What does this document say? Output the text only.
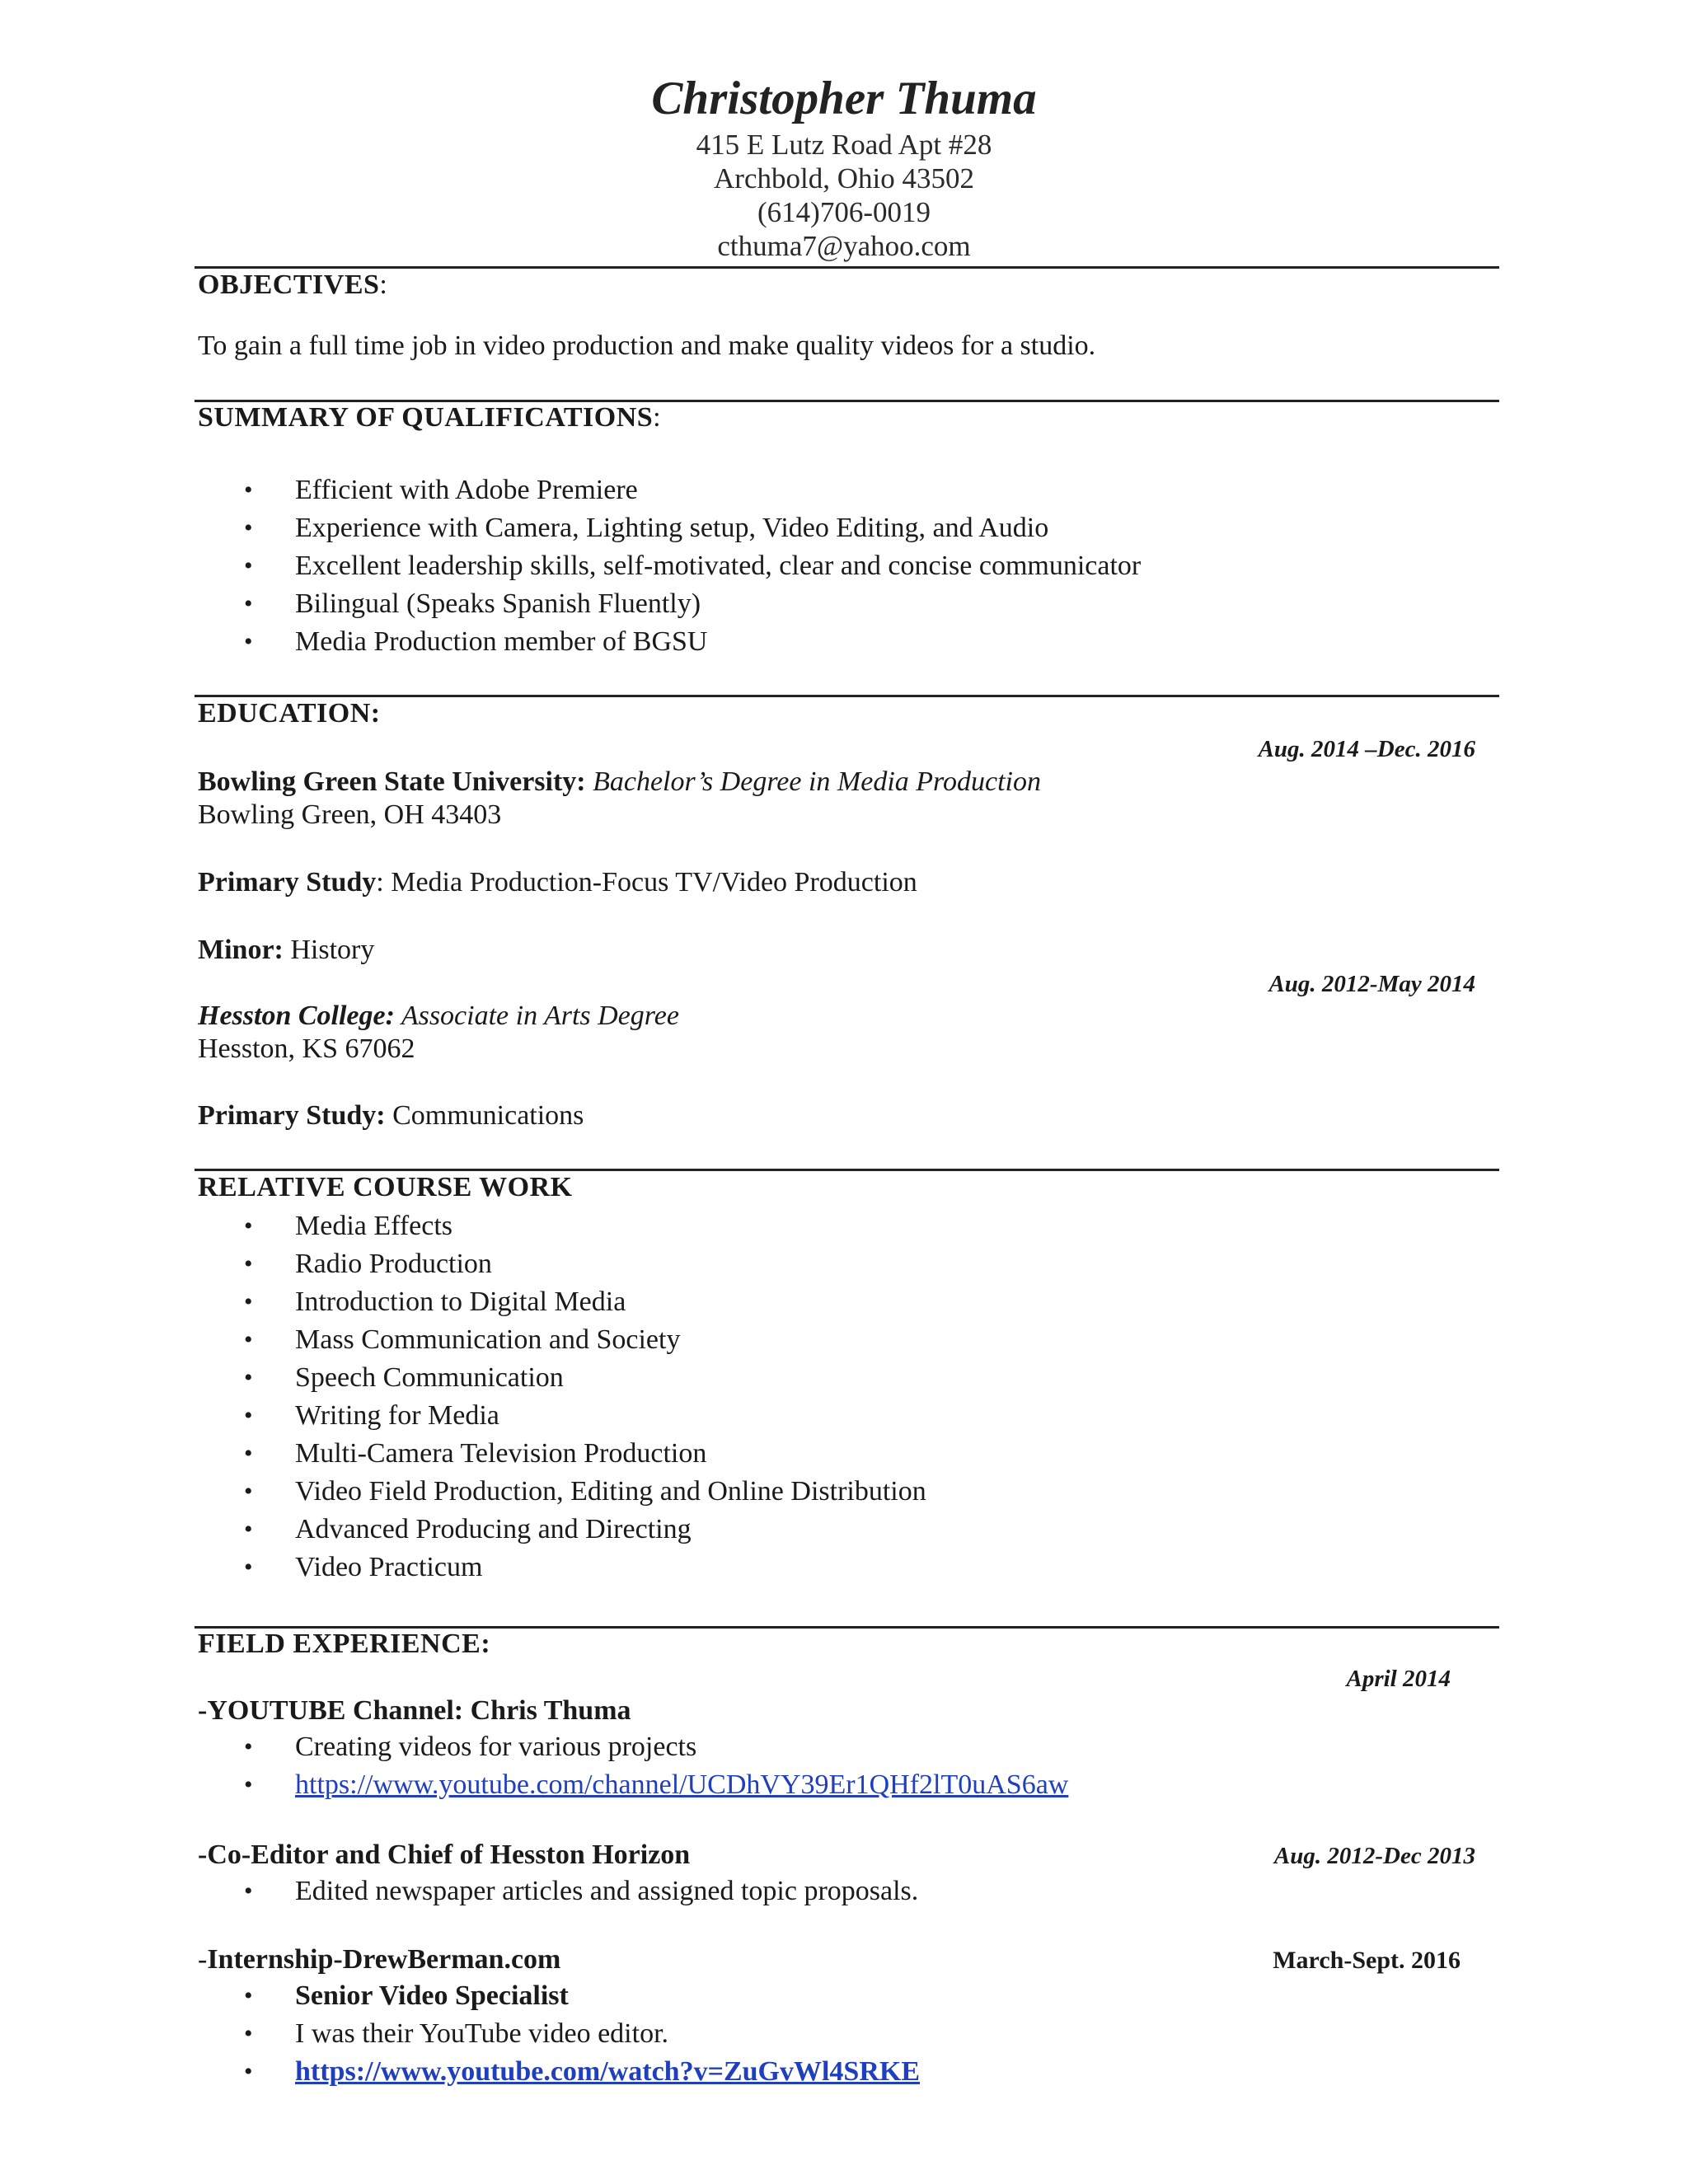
Christopher Thuma
415 E Lutz Road Apt #28
Archbold, Ohio 43502
(614)706-0019
cthuma7@yahoo.com
OBJECTIVES:
To gain a full time job in video production and make quality videos for a studio.
SUMMARY OF QUALIFICATIONS:
• Efficient with Adobe Premiere
• Experience with Camera, Lighting setup, Video Editing, and Audio
• Excellent leadership skills, self-motivated, clear and concise communicator
• Bilingual (Speaks Spanish Fluently)
• Media Production member of BGSU
EDUCATION:
Aug. 2014 –Dec. 2016
Bowling Green State University: Bachelor’s Degree in Media Production
Bowling Green, OH 43403
Primary Study: Media Production-Focus TV/Video Production
Minor: History
Aug. 2012-May 2014
Hesston College: Associate in Arts Degree
Hesston, KS 67062
Primary Study: Communications
RELATIVE COURSE WORK
• Media Effects
• Radio Production
• Introduction to Digital Media
• Mass Communication and Society
• Speech Communication
• Writing for Media
• Multi-Camera Television Production
• Video Field Production, Editing and Online Distribution
• Advanced Producing and Directing
• Video Practicum
FIELD EXPERIENCE:
April 2014
-YOUTUBE Channel: Chris Thuma
• Creating videos for various projects
• https://www.youtube.com/channel/UCDhVY39Er1QHf2lT0uAS6aw
Aug. 2012-Dec 2013
-Co-Editor and Chief of Hesston Horizon
• Edited newspaper articles and assigned topic proposals.
March-Sept. 2016
-Internship-DrewBerman.com
• Senior Video Specialist
• I was their YouTube video editor.
• https://www.youtube.com/watch?v=ZuGvWl4SRKE
